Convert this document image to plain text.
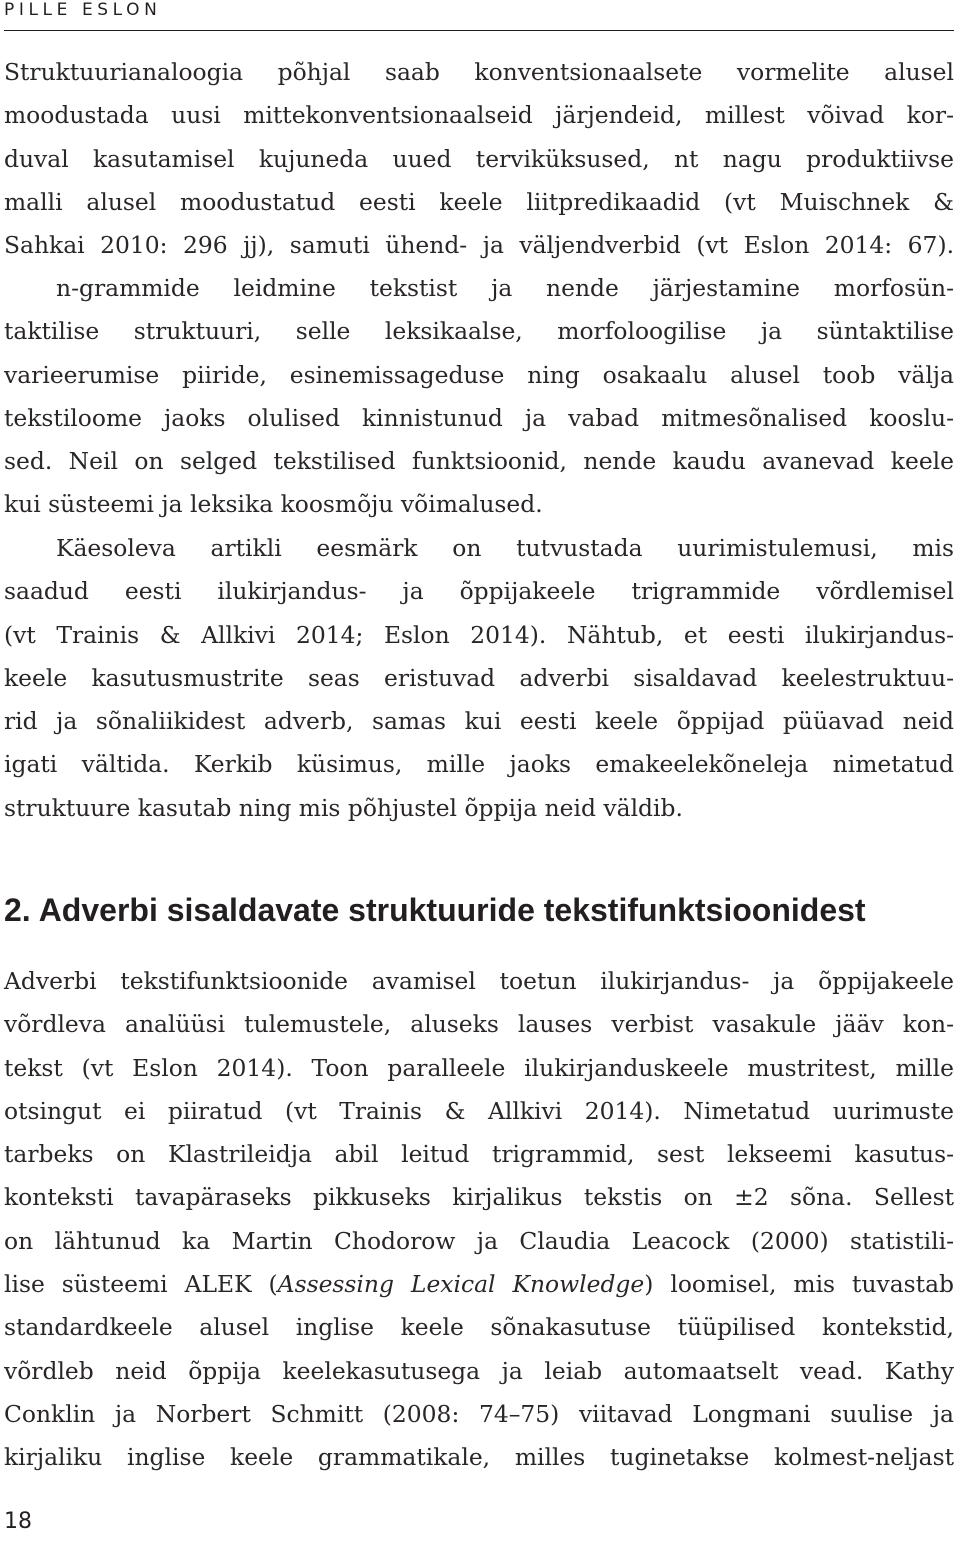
PILLE ESLON
Struktuurianaloogia põhjal saab konventsionaalsete vormelite alusel
moodustada uusi mittekonventsionaalseid järjendeid, millest võivad kor-
duval kasutamisel kujuneda uued terviküksused, nt nagu produktiivse
malli alusel moodustatud eesti keele liitpredikaadid (vt Muischnek &
Sahkai 2010: 296 jj), samuti ühend- ja väljendverbid (vt Eslon 2014: 67).
n-grammide leidmine tekstist ja nende järjestamine morfosün-
taktilise struktuuri, selle leksikaalse, morfoloogilise ja süntaktilise
varieerumise piiride, esinemissageduse ning osakaalu alusel toob välja
tekstiloome jaoks olulised kinnistunud ja vabad mitmesõnalised kooslu-
sed. Neil on selged tekstilised funktsioonid, nende kaudu avanevad keele
kui süsteemi ja leksika koosmõju võimalused.
Käesoleva artikli eesmärk on tutvustada uurimistulemusi, mis
saadud eesti ilukirjandus- ja õppijakeele trigrammide võrdlemisel
(vt Trainis & Allkivi 2014; Eslon 2014). Nähtub, et eesti ilukirjandus-
keele kasutusmustrite seas eristuvad adverbi sisaldavad keelestruktuu-
rid ja sõnaliikidest adverb, samas kui eesti keele õppijad püüavad neid
igati vältida. Kerkib küsimus, mille jaoks emakeelekõneleja nimetatud
struktuure kasutab ning mis põhjustel õppija neid väldib.
2. Adverbi sisaldavate struktuuride tekstifunktsioonidest
Adverbi tekstifunktsioonide avamisel toetun ilukirjandus- ja õppijakeele
võrdleva analüüsi tulemustele, aluseks lauses verbist vasakule jääv kon-
tekst (vt Eslon 2014). Toon paralleele ilukirjanduskeele mustritest, mille
otsingut ei piiratud (vt Trainis & Allkivi 2014). Nimetatud uurimuste
tarbeks on Klastrileidja abil leitud trigrammid, sest lekseemi kasutus-
konteksti tavapäraseks pikkuseks kirjalikus tekstis on ±2 sõna. Sellest
on lähtunud ka Martin Chodorow ja Claudia Leacock (2000) statistili-
lise süsteemi ALEK (Assessing Lexical Knowledge) loomisel, mis tuvastab
standardkeele alusel inglise keele sõnakasutuse tüüpilised kontekstid,
võrdleb neid õppija keelekasutusega ja leiab automaatselt vead. Kathy
Conklin ja Norbert Schmitt (2008: 74–75) viitavad Longmani suulise ja
kirjaliku inglise keele grammatikale, milles tuginetakse kolmest-neljast
18
